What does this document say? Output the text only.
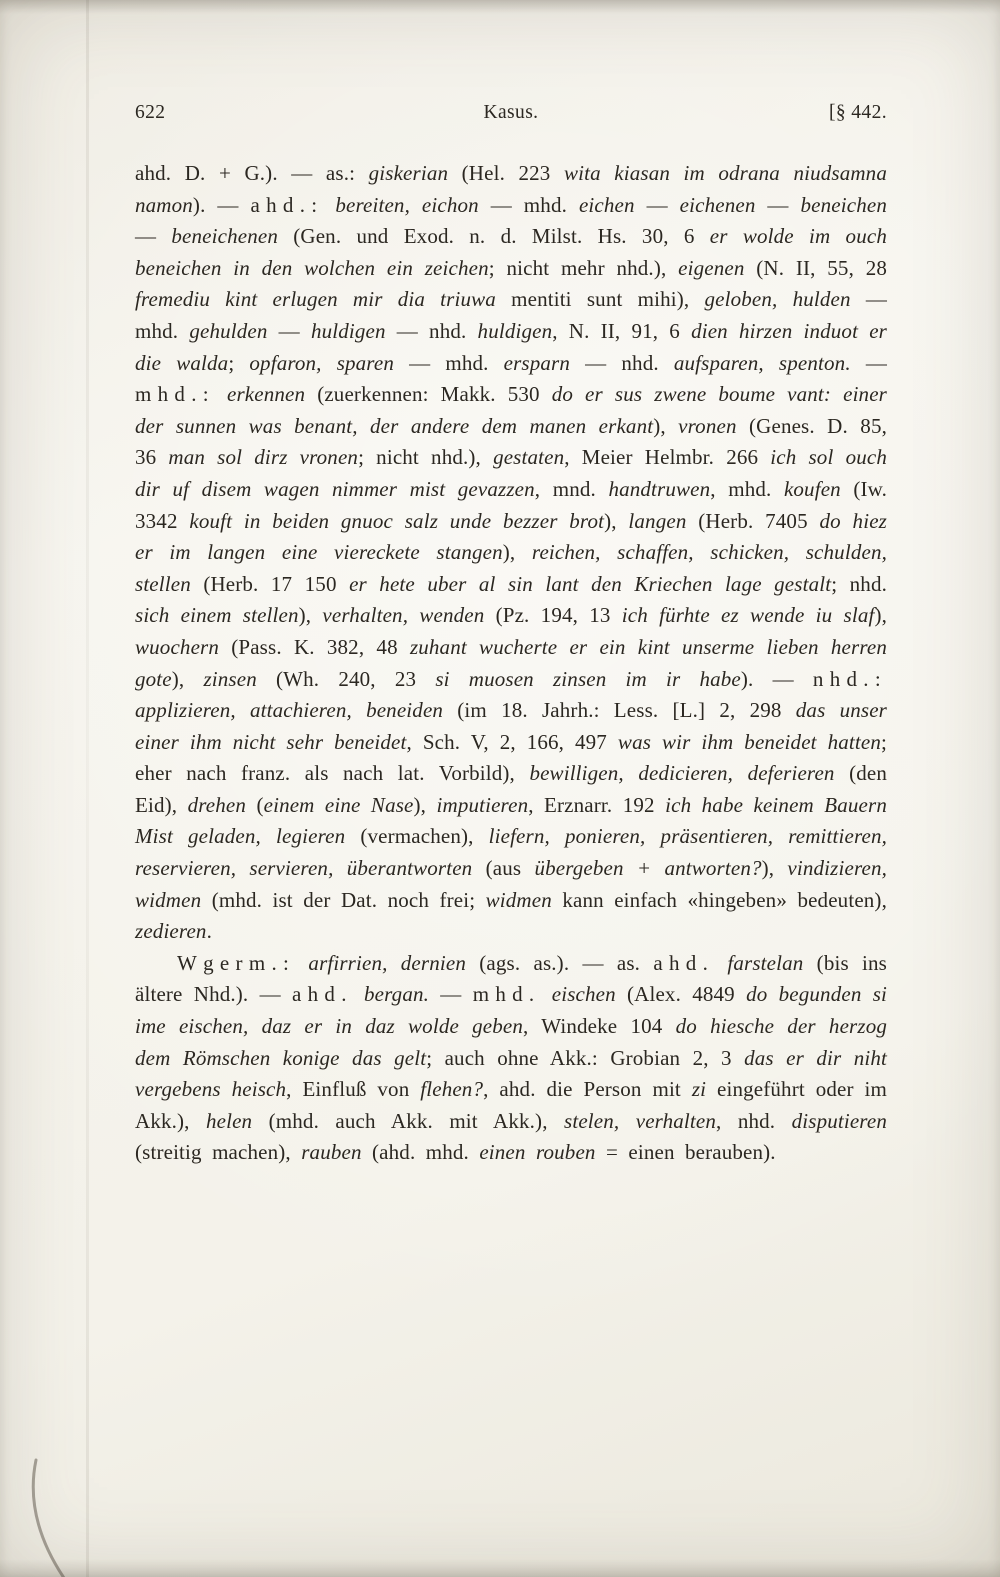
622	Kasus.	[§ 442.
ahd. D. + G.). — as.: giskerian (Hel. 223 wita kiasan im odrana niudsamna namon). — ahd.: bereiten, eichon — mhd. eichen — eichenen — beneichen — beneichenen (Gen. und Exod. n. d. Milst. Hs. 30, 6 er wolde im ouch beneichen in den wolchen ein zeichen; nicht mehr nhd.), eigenen (N. II, 55, 28 fremediu kint erlugen mir dia triuwa mentiti sunt mihi), geloben, hulden — mhd. gehulden — huldigen — nhd. huldigen, N. II, 91, 6 dien hirzen induot er die walda; opfaron, sparen — mhd. ersparn — nhd. aufsparen, spenton. — mhd.: erkennen (zuerkennen: Makk. 530 do er sus zwene boume vant: einer der sunnen was benant, der andere dem manen erkant), vronen (Genes. D. 85, 36 man sol dirz vronen; nicht nhd.), gestaten, Meier Helmbr. 266 ich sol ouch dir uf disem wagen nimmer mist gevazzen, mnd. handtruwen, mhd. koufen (Iw. 3342 kouft in beiden gnuoc salz unde bezzer brot), langen (Herb. 7405 do hiez er im langen eine viereckete stangen), reichen, schaffen, schicken, schulden, stellen (Herb. 17 150 er hete uber al sin lant den Kriechen lage gestalt; nhd. sich einem stellen), verhalten, wenden (Pz. 194, 13 ich fürhte ez wende iu slaf), wuochern (Pass. K. 382, 48 zuhant wucherte er ein kint unserme lieben herren gote), zinsen (Wh. 240, 23 si muosen zinsen im ir habe). — nhd.: applizieren, attachieren, beneiden (im 18. Jahrh.: Less. [L.] 2, 298 das unser einer ihm nicht sehr beneidet, Sch. V, 2, 166, 497 was wir ihm beneidet hatten; eher nach franz. als nach lat. Vorbild), bewilligen, dedicieren, deferieren (den Eid), drehen (einem eine Nase), imputieren, Erznarr. 192 ich habe keinem Bauern Mist geladen, legieren (vermachen), liefern, ponieren, präsentieren, remittieren, reservieren, servieren, überantworten (aus übergeben + antworten?), vindizieren, widmen (mhd. ist der Dat. noch frei; widmen kann einfach «hingeben» bedeuten), zedieren.
Wgerm.: arfirrien, dernien (ags. as.). — as. ahd. farstelan (bis ins ältere Nhd.). — ahd. bergan. — mhd. eischen (Alex. 4849 do begunden si ime eischen, daz er in daz wolde geben, Windeke 104 do hiesche der herzog dem Römschen konige das gelt; auch ohne Akk.: Grobian 2, 3 das er dir niht vergebens heisch, Einfluß von flehen?, ahd. die Person mit zi eingeführt oder im Akk.), helen (mhd. auch Akk. mit Akk.), stelen, verhalten, nhd. disputieren (streitig machen), rauben (ahd. mhd. einen rouben = einen berauben).
